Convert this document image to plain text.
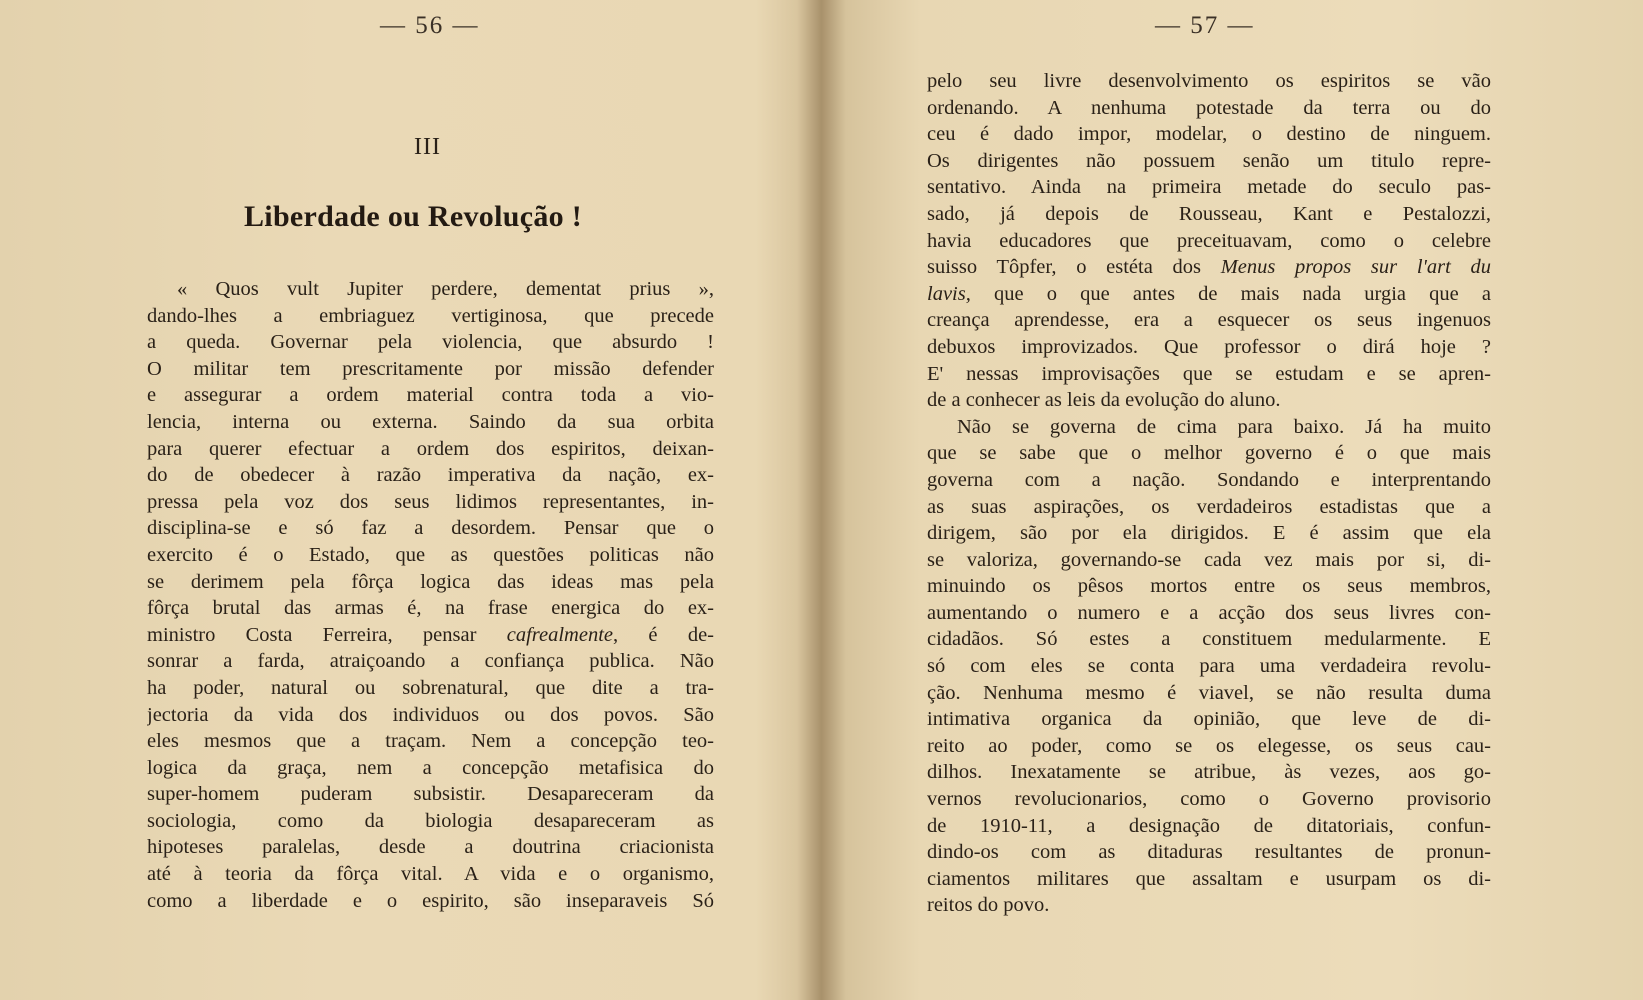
— 56 —
III
Liberdade ou Revolução !
« Quos vult Jupiter perdere, dementat prius »,
dando-lhes a embriaguez vertiginosa, que precede
a queda. Governar pela violencia, que absurdo !
O militar tem prescritamente por missão defender
e assegurar a ordem material contra toda a vio-
lencia, interna ou externa. Saindo da sua orbita
para querer efectuar a ordem dos espiritos, deixan-
do de obedecer à razão imperativa da nação, ex-
pressa pela voz dos seus lidimos representantes, in-
disciplina-se e só faz a desordem. Pensar que o
exercito é o Estado, que as questões politicas não
se derimem pela fôrça logica das ideas mas pela
fôrça brutal das armas é, na frase energica do ex-
ministro Costa Ferreira, pensar cafrealmente, é de-
sonrar a farda, atraiçoando a confiança publica. Não
ha poder, natural ou sobrenatural, que dite a tra-
jectoria da vida dos individuos ou dos povos. São
eles mesmos que a traçam. Nem a concepção teo-
logica da graça, nem a concepção metafisica do
super-homem puderam subsistir. Desapareceram da
sociologia, como da biologia desapareceram as
hipoteses paralelas, desde a doutrina criacionista
até à teoria da fôrça vital. A vida e o organismo,
como a liberdade e o espirito, são inseparaveis Só
— 57 —
pelo seu livre desenvolvimento os espiritos se vão
ordenando. A nenhuma potestade da terra ou do
ceu é dado impor, modelar, o destino de ninguem.
Os dirigentes não possuem senão um titulo repre-
sentativo. Ainda na primeira metade do seculo pas-
sado, já depois de Rousseau, Kant e Pestalozzi,
havia educadores que preceituavam, como o celebre
suisso Tôpfer, o estéta dos Menus propos sur l'art du
lavis, que o que antes de mais nada urgia que a
creança aprendesse, era a esquecer os seus ingenuos
debuxos improvizados. Que professor o dirá hoje ?
E' nessas improvisações que se estudam e se apren-
de a conhecer as leis da evolução do aluno.
Não se governa de cima para baixo. Já ha muito
que se sabe que o melhor governo é o que mais
governa com a nação. Sondando e interprentando
as suas aspirações, os verdadeiros estadistas que a
dirigem, são por ela dirigidos. E é assim que ela
se valoriza, governando-se cada vez mais por si, di-
minuindo os pêsos mortos entre os seus membros,
aumentando o numero e a acção dos seus livres con-
cidadãos. Só estes a constituem medularmente. E
só com eles se conta para uma verdadeira revolu-
ção. Nenhuma mesmo é viavel, se não resulta duma
intimativa organica da opinião, que leve de di-
reito ao poder, como se os elegesse, os seus cau-
dilhos. Inexatamente se atribue, às vezes, aos go-
vernos revolucionarios, como o Governo provisorio
de 1910-11, a designação de ditatoriais, confun-
dindo-os com as ditaduras resultantes de pronun-
ciamentos militares que assaltam e usurpam os di-
reitos do povo.
